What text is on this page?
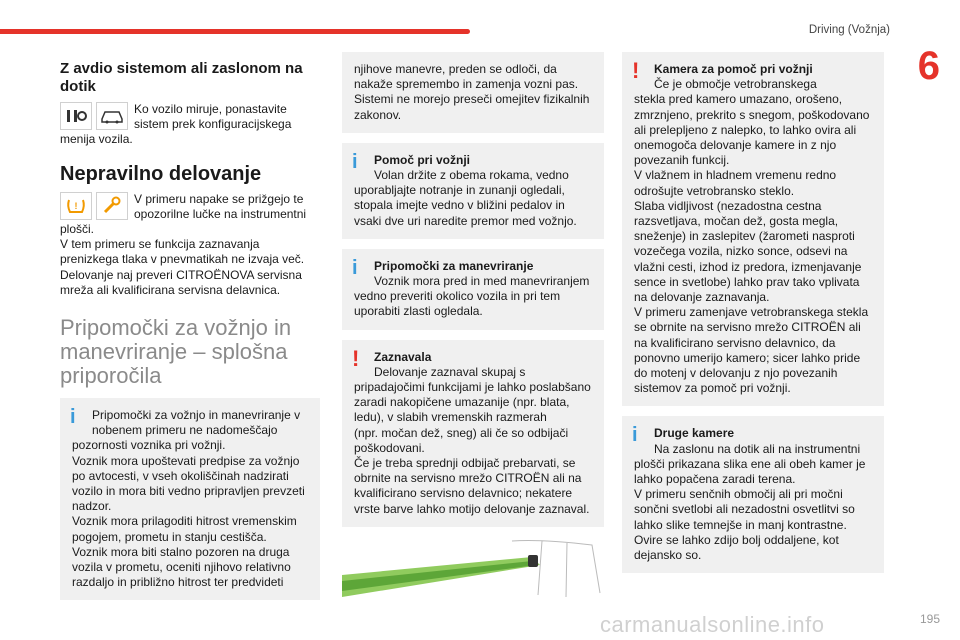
Driving (Vožnja)
6
Z avdio sistemom ali zaslonom na dotik
Ko vozilo miruje, ponastavite sistem prek konfiguracijskega

menija vozila.

Nepravilno delovanje
!	V primeru napake se prižgejo te opozorilne lučke na instrumentni

plošči.

V tem primeru se funkcija zaznavanja prenizkega tlaka v pnevmatikah ne izvaja več.

Delovanje naj preveri CITROËNOVA servisna mreža ali kvalificirana servisna delavnica.

Pripomočki za vožnjo in manevriranje – splošna priporočila
i	Pripomočki za vožnjo in manevriranje v nobenem primeru ne nadomeščajo

pozornosti voznika pri vožnji.

Voznik mora upoštevati predpise za vožnjo po avtocesti, v vseh okoliščinah nadzirati vozilo in mora biti vedno pripravljen prevzeti nadzor.

Voznik mora prilagoditi hitrost vremenskim pogojem, prometu in stanju cestišča.

Voznik mora biti stalno pozoren na druga vozila v prometu, oceniti njihovo relativno razdaljo in približno hitrost ter predvideti

njihove manevre, preden se odloči, da nakaže spremembo in zamenja vozni pas.

Sistemi ne morejo preseči omejitev fizikalnih zakonov.

i	Pomoč pri vožnji
Volan držite z obema rokama, vedno

uporabljajte notranje in zunanji ogledali, stopala imejte vedno v bližini pedalov in vsaki dve uri naredite premor med vožnjo.

i	Pripomočki za manevriranje
Voznik mora pred in med manevriranjem

vedno preveriti okolico vozila in pri tem uporabiti zlasti ogledala.

!	Zaznavala
Delovanje zaznaval skupaj s

pripadajočimi funkcijami je lahko poslabšano zaradi nakopičene umazanije (npr. blata, ledu), v slabih vremenskih razmerah

(npr. močan dež, sneg) ali če so odbijači poškodovani.

Če je treba sprednji odbijač prebarvati, se obrnite na servisno mrežo CITROËN ali na kvalificirano servisno delavnico; nekatere vrste barve lahko motijo delovanje zaznaval.

!	Kamera za pomoč pri vožnji
Če je območje vetrobranskega

stekla pred kamero umazano, orošeno, zmrznjeno, prekrito s snegom, poškodovano ali prelepljeno z nalepko, to lahko ovira ali onemogoča delovanje kamere in z njo povezanih funkcij.

V vlažnem in hladnem vremenu redno odrošujte vetrobransko steklo.

Slaba vidljivost (nezadostna cestna razsvetljava, močan dež, gosta megla, sneženje) in zaslepitev (žarometi nasproti vozečega vozila, nizko sonce, odsevi na vlažni cesti, izhod iz predora, izmenjavanje sence in svetlobe) lahko prav tako vplivata na delovanje zaznavanja.

V primeru zamenjave vetrobranskega stekla se obrnite na servisno mrežo CITROËN ali na kvalificirano servisno delavnico, da ponovno umerijo kamero; sicer lahko pride do motenj v delovanju z njo povezanih sistemov za pomoč pri vožnji.

i	Druge kamere
Na zaslonu na dotik ali na instrumentni

plošči prikazana slika ene ali obeh kamer je lahko popačena zaradi terena.

V primeru senčnih območij ali pri močni sončni svetlobi ali nezadostni osvetlitvi so lahko slike temnejše in manj kontrastne.

Ovire se lahko zdijo bolj oddaljene, kot dejansko so.

carmanualsonline.info	195
